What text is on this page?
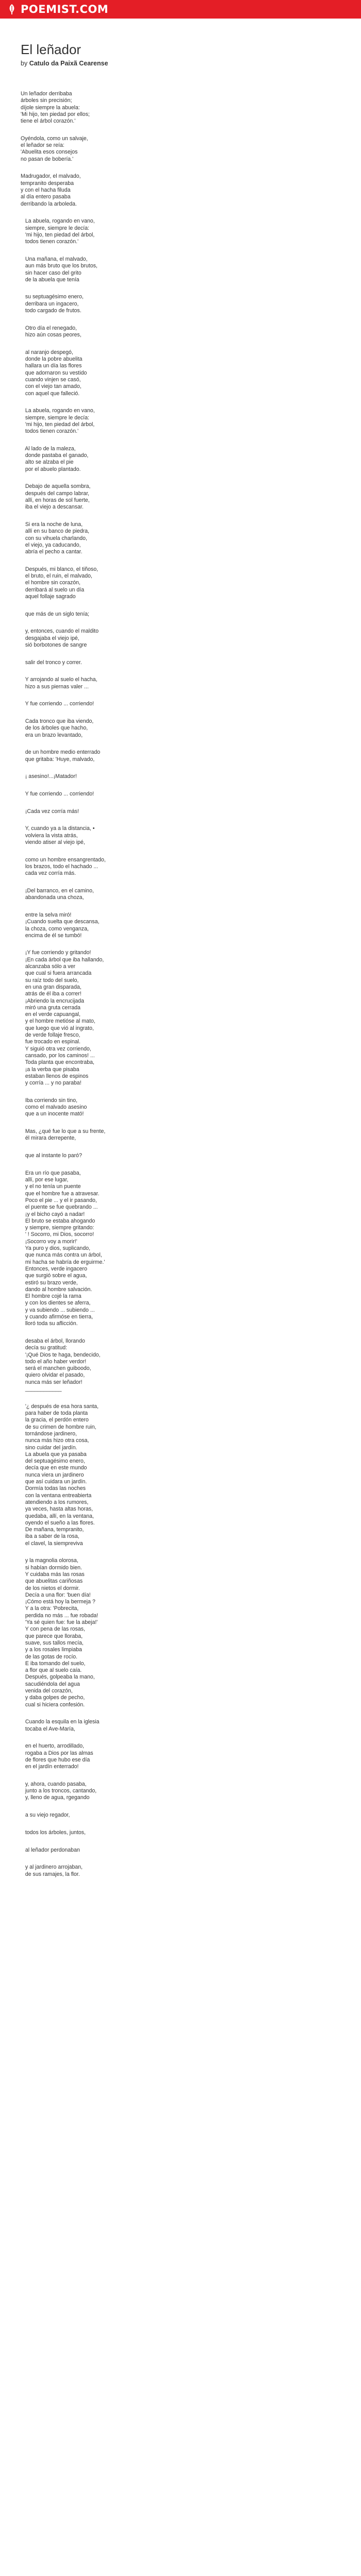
POEMIST.COM
El leñador
by Catulo da Paixã Cearense
Un leñador derribaba
árboles sin precisión;
díjole siempre la abuela:
'Mi hijo, ten piedad por ellos;
tiene el árbol corazón.'
Oyéndola, como un salvaje,
el leñador se reía:
'Abuelita esos consejos
no pasan de bobería.'
Madrugador, el malvado,
tempranito desperaba
y con el hacha filuda
al día entero pasaba
derribando la arboleda.
La abuela, rogando en vano,
siempre, siempre le decía:
'mi hijo, ten piedad del árbol,
todos tienen corazón.'
Una mañana, el malvado,
aun más bruto que los brutos,
sin hacer caso del grito
de la abuela que tenía
su septuagésimo enero,
derribara un ingacero,
todo cargado de frutos.
Otro día el renegado,
hizo aún cosas peores,
al naranjo despegó,
donde la pobre abuelita
hallara un día las flores
que adornaron su vestido
cuando vinjen se casó,
con el viejo tan amado,
con aquel que falleció.
La abuela, rogando en vano,
siempre, siempre le decía:
'mi hijo, ten piedad del árbol,
todos tienen corazón.'
Al lado de la maleza,
donde pastaba el ganado,
alto se alzaba el pie
por el abuelo plantado.
Debajo de aquella sombra,
después del campo labrar,
allí, en horas de sol fuerte,
iba el viejo a descansar.
Si era la noche de luna,
allí en su banco de piedra,
con su vihuela charlando,
el viejo, ya caducando,
abría el pecho a cantar.
Después, mi blanco, el tiñoso,
el bruto, el ruin, el malvado,
el hombre sin corazón,
derribará al suelo un día
aquel follaje sagrado
que más de un siglo tenía;
y, entonces, cuando el maldito
desgajaba el viejo ipé,
sió borbotones de sangre
salir del tronco y correr.
Y arrojando al suelo el hacha,
hizo a sus piernas valer ...
Y fue corriendo ... corriendo!
Cada tronco que iba viendo,
de los árboles que hacho,
era un brazo levantado,
de un hombre medio enterrado
que gritaba: 'Huye, malvado,
¡ asesino!...¡Matador!
Y fue corriendo ... corriendo!
¡Cada vez corría más!
Y, cuando ya a la distancia, •
volviera la vista atrás,
viendo atiser al viejo ipé,
como un hombre ensangrentado,
los brazos, todo el hachado ...
cada vez corría más.
¡Del barranco, en el camino,
abandonada una choza,
entre la selva miró!
¡Cuando suelta que descansa,
la choza, como venganza,
encima de él se tumbó!
¡Y fue corriendo y gritando!
¡En cada árbol que iba hallando,
alcanzaba sólo a ver
que cual si fuera arrancada
su raíz todo del suelo,
en una gran disparada,
atrás de él iba a correr!
¡Abriendo la encrucijada
miró una gruta cerrada
en el verde capuangal,
y el hombre metióse al mato,
que luego que vió al ingrato,
de verde follaje fresco,
fue trocado en espinal.
Y siguió otra vez corriendo,
cansado, por los caminos! ...
Toda planta que encontraba,
¡a la verba que pisaba
estaban llenos de espinos
y corría ... y no paraba!
Iba corriendo sin tino,
como el malvado asesino
que a un inocente mató!
Mas, ¿qué fue lo que a su frente,
él mirara derrepente,
que al instante lo paró?
Era un río que pasaba,
allí, por ese lugar,
y el no tenía un puente
que el hombre fue a atravesar.
Poco el pie ... y el ir pasando,
el puente se fue quebrando ...
¡y el bicho cayó a nadar!
El bruto se estaba ahogando
y siempre, siempre gritando:
' ! Socorro, mi Dios, socorro!
¡Socorro voy a morir!'
Ya puro y dios, suplicando,
que nunca más contra un árbol,
mi hacha se habría de erguirme.'
Entonces, verde ingacero
que surgió sobre el agua,
estiró su brazo verde,
dando al hombre salvación.
El hombre cojé la rama
y con los dientes se aferra,
y va subiendo ... subiendo ...
y cuando afirmóse en tierra,
lloró toda su aflicción.
desaba el árbol, llorando
decía su gratitud:
'¡Qué Dios te haga, bendecido,
todo el año haber verdor!
será el manchen guiboodo,
quiero olvidar el pasado,
nunca más ser leñador!
____________
'¿ después de esa hora santa,
para haber de toda planta
la gracia, el perdón entero
de su crimen de hombre ruin,
tornándose jardinero,
nunca más hizo otra cosa,
sino cuidar del jardín.
La abuela que ya pasaba
del septuagésimo enero,
decía que en este mundo
nunca viera un jardinero
que así cuidara un jardín.
Dormía todas las noches
con la ventana entreabierta
atendiendo a los rumores,
ya veces, hasta altas horas,
quedaba, allí, en la ventana,
oyendo el sueño a las flores.
De mañana, tempranito,
iba a saber de la rosa,
el clavel, la siempreviva
y la magnolia olorosa,
si habían dormido bien.
Y cuidaba más las rosas
que abuelitas cariñosas
de los nietos el dormir.
Decía a una flor: 'buen día!
¡Cómo está hoy la bermeja ?
Y a la otra: 'Pobrecita,
perdida no más ... fue robada!
'Ya sé quien fue: fue la abeja!'
Y con pena de las rosas,
que parece que lloraba,
suave, sus tallos mecía,
y a los rosales limpiaba
de las gotas de rocío.
E iba tomando del suelo,
a flor que al suelo caía.
Después, golpeaba la mano,
sacudiéndola del agua
venida del corazón,
y daba golpes de pecho,
cual si hiciera confesión.
Cuando la esquila en la iglesia
tocaba el Ave-María,
en el huerto, arrodillado,
rogaba a Dios por las almas
de flores que hubo ese día
en el jardín enterrado!
y, ahora, cuando pasaba,
junto a los troncos, cantando,
y, lleno de agua, rgegando
a su viejo regador,
todos los árboles, juntos,
al leñador perdonaban
y al jardinero arrojaban,
de sus ramajes, la flor.
